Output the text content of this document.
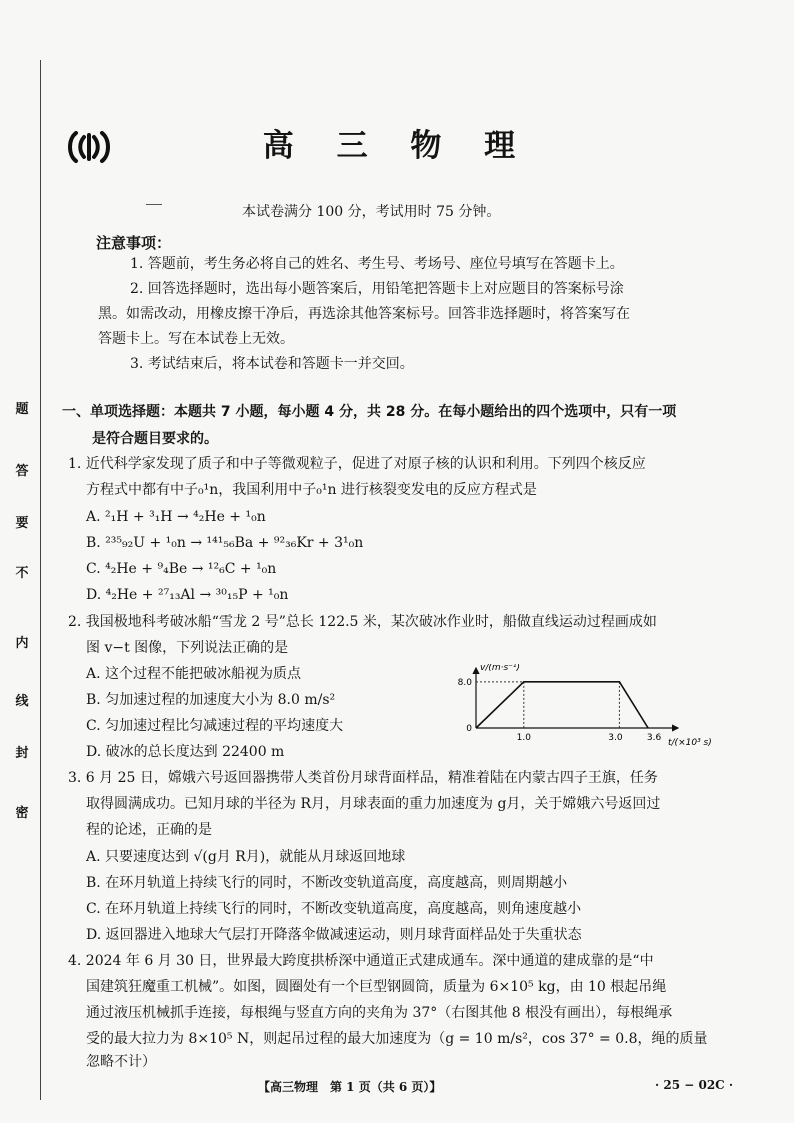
题
答
要
不
内
线
封
密
高 三 物 理
本试卷满分 100 分，考试用时 75 分钟。
注意事项：
1. 答题前，考生务必将自己的姓名、考生号、考场号、座位号填写在答题卡上。
2. 回答选择题时，选出每小题答案后，用铅笔把答题卡上对应题目的答案标号涂
黑。如需改动，用橡皮擦干净后，再选涂其他答案标号。回答非选择题时，将答案写在
答题卡上。写在本试卷上无效。
3. 考试结束后，将本试卷和答题卡一并交回。
一、单项选择题：本题共 7 小题，每小题 4 分，共 28 分。在每小题给出的四个选项中，只有一项
是符合题目要求的。
1. 近代科学家发现了质子和中子等微观粒子，促进了对原子核的认识和利用。下列四个核反应
方程式中都有中子₀¹n，我国利用中子₀¹n 进行核裂变发电的反应方程式是
A. ²₁H + ³₁H → ⁴₂He + ¹₀n
B. ²³⁵₉₂U + ¹₀n → ¹⁴¹₅₆Ba + ⁹²₃₆Kr + 3¹₀n
C. ⁴₂He + ⁹₄Be → ¹²₆C + ¹₀n
D. ⁴₂He + ²⁷₁₃Al → ³⁰₁₅P + ¹₀n
2. 我国极地科考破冰船“雪龙 2 号”总长 122.5 米，某次破冰作业时，船做直线运动过程画成如
图 v−t 图像，下列说法正确的是
A. 这个过程不能把破冰船视为质点
B. 匀加速过程的加速度大小为 8.0 m/s²
C. 匀加速过程比匀减速过程的平均速度大
D. 破冰的总长度达到 22400 m
0
8.0
1.0	3.0	3.6
v/(m·s⁻¹)
t/(×10³ s)
3. 6 月 25 日，嫦娥六号返回器携带人类首份月球背面样品，精准着陆在内蒙古四子王旗，任务
取得圆满成功。已知月球的半径为 R月，月球表面的重力加速度为 g月，关于嫦娥六号返回过
程的论述，正确的是
A. 只要速度达到 √(g月 R月)，就能从月球返回地球
B. 在环月轨道上持续飞行的同时，不断改变轨道高度，高度越高，则周期越小
C. 在环月轨道上持续飞行的同时，不断改变轨道高度，高度越高，则角速度越小
D. 返回器进入地球大气层打开降落伞做减速运动，则月球背面样品处于失重状态
4. 2024 年 6 月 30 日，世界最大跨度拱桥深中通道正式建成通车。深中通道的建成靠的是“中
国建筑狂魔重工机械”。如图，圆圈处有一个巨型钢圆筒，质量为 6×10⁵ kg，由 10 根起吊绳
通过液压机械抓手连接，每根绳与竖直方向的夹角为 37°（右图其他 8 根没有画出），每根绳承
受的最大拉力为 8×10⁵ N，则起吊过程的最大加速度为（g = 10 m/s²，cos 37° = 0.8，绳的质量
忽略不计）
【高三物理　第 1 页（共 6 页）】	· 25 − 02C ·
